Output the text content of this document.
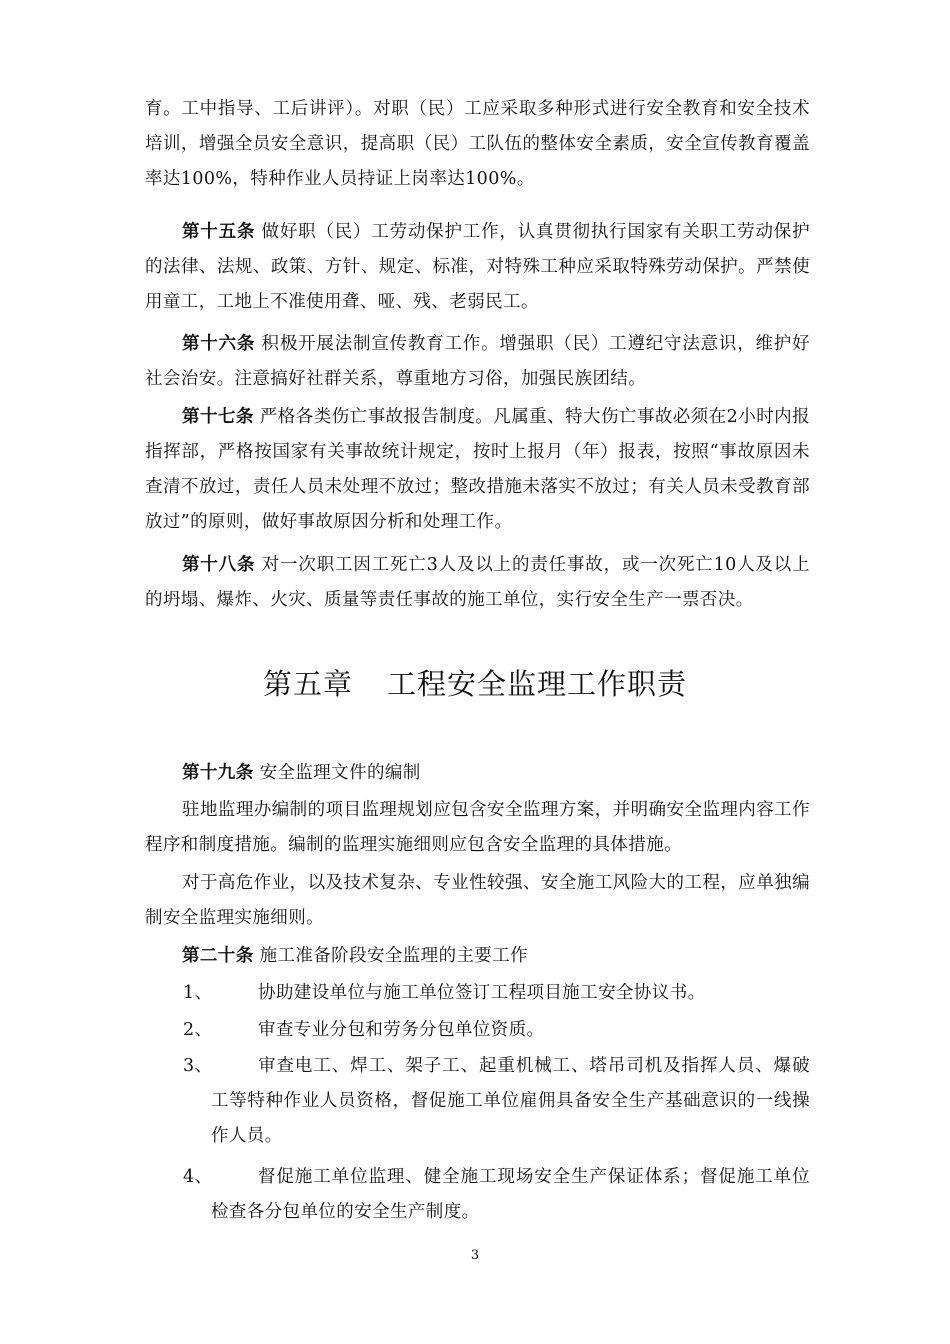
育。工中指导、工后讲评）。对职（民）工应采取多种形式进行安全教育和安全技术培训，增强全员安全意识，提高职（民）工队伍的整体安全素质，安全宣传教育覆盖率达100%，特种作业人员持证上岗率达100%。

第十五条 做好职（民）工劳动保护工作，认真贯彻执行国家有关职工劳动保护的法律、法规、政策、方针、规定、标准，对特殊工种应采取特殊劳动保护。严禁使用童工，工地上不准使用聋、哑、残、老弱民工。

第十六条 积极开展法制宣传教育工作。增强职（民）工遵纪守法意识，维护好社会治安。注意搞好社群关系，尊重地方习俗，加强民族团结。

第十七条 严格各类伤亡事故报告制度。凡属重、特大伤亡事故必须在2小时内报指挥部，严格按国家有关事故统计规定，按时上报月（年）报表，按照“事故原因未查清不放过，责任人员未处理不放过；整改措施未落实不放过；有关人员未受教育部放过”的原则，做好事故原因分析和处理工作。

第十八条 对一次职工因工死亡3人及以上的责任事故，或一次死亡10人及以上的坍塌、爆炸、火灾、质量等责任事故的施工单位，实行安全生产一票否决。

第五章 工程安全监理工作职责

第十九条 安全监理文件的编制

驻地监理办编制的项目监理规划应包含安全监理方案，并明确安全监理内容工作程序和制度措施。编制的监理实施细则应包含安全监理的具体措施。

对于高危作业，以及技术复杂、专业性较强、安全施工风险大的工程，应单独编制安全监理实施细则。

第二十条 施工准备阶段安全监理的主要工作

1、	协助建设单位与施工单位签订工程项目施工安全协议书。
2、	审查专业分包和劳务分包单位资质。
3、	审查电工、焊工、架子工、起重机械工、塔吊司机及指挥人员、爆破工等特种作业人员资格，督促施工单位雇佣具备安全生产基础意识的一线操作人员。
4、	督促施工单位监理、健全施工现场安全生产保证体系；督促施工单位检查各分包单位的安全生产制度。
3
